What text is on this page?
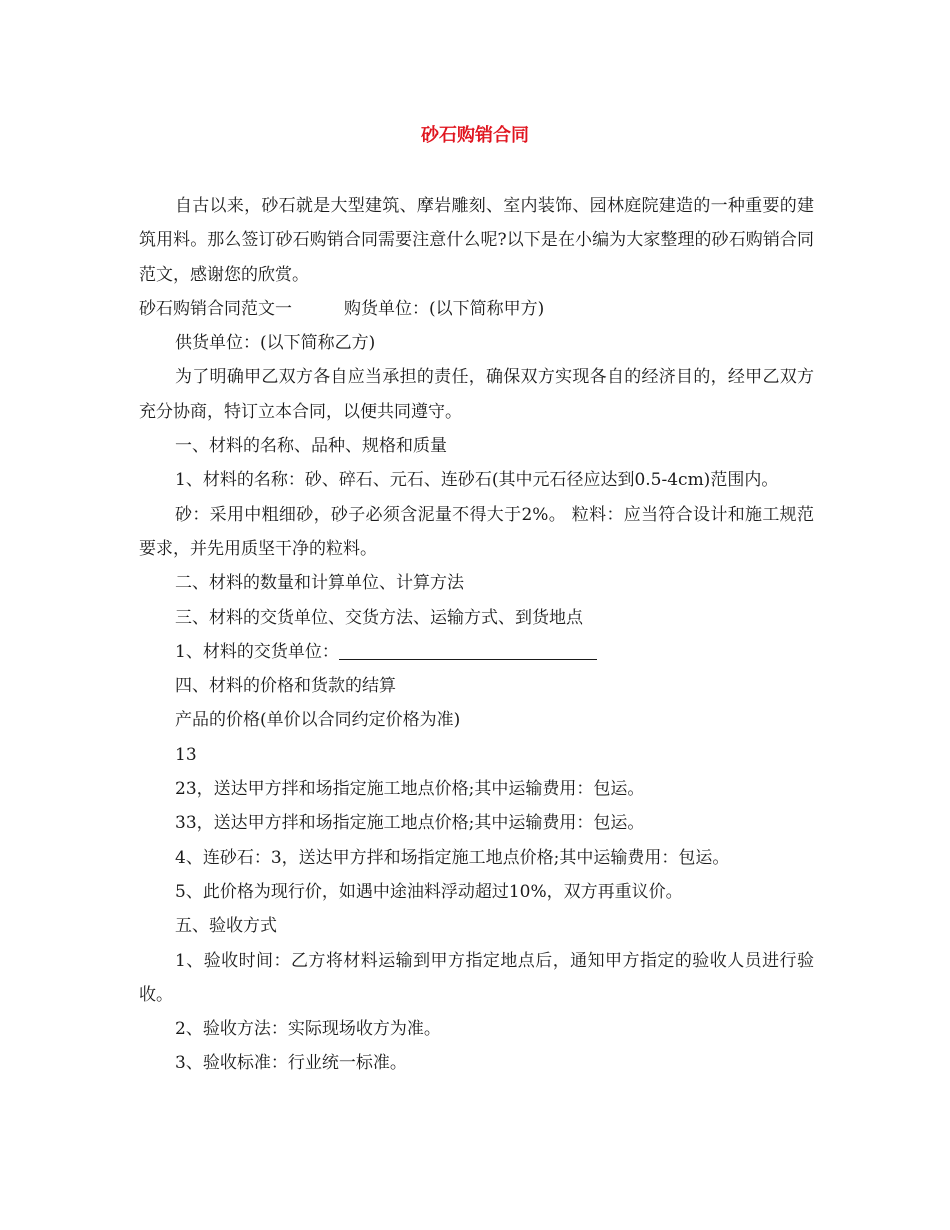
砂石购销合同

自古以来，砂石就是大型建筑、摩岩雕刻、室内装饰、园林庭院建造的一种重要的建筑用料。那么签订砂石购销合同需要注意什么呢?以下是在小编为大家整理的砂石购销合同范文，感谢您的欣赏。

砂石购销合同范文一	购货单位：(以下简称甲方)

供货单位：(以下简称乙方)

为了明确甲乙双方各自应当承担的责任，确保双方实现各自的经济目的，经甲乙双方充分协商，特订立本合同，以便共同遵守。

一、材料的名称、品种、规格和质量

1、材料的名称：砂、碎石、元石、连砂石(其中元石径应达到0.5-4cm)范围内。

砂：采用中粗细砂，砂子必须含泥量不得大于2%。 粒料：应当符合设计和施工规范要求，并先用质坚干净的粒料。

二、材料的数量和计算单位、计算方法

三、材料的交货单位、交货方法、运输方式、到货地点

1、材料的交货单位：

四、材料的价格和货款的结算

产品的价格(单价以合同约定价格为准)

13

23，送达甲方拌和场指定施工地点价格;其中运输费用：包运。

33，送达甲方拌和场指定施工地点价格;其中运输费用：包运。

4、连砂石：3，送达甲方拌和场指定施工地点价格;其中运输费用：包运。

5、此价格为现行价，如遇中途油料浮动超过10%，双方再重议价。

五、验收方式

1、验收时间：乙方将材料运输到甲方指定地点后，通知甲方指定的验收人员进行验收。

2、验收方法：实际现场收方为准。

3、验收标准：行业统一标准。
